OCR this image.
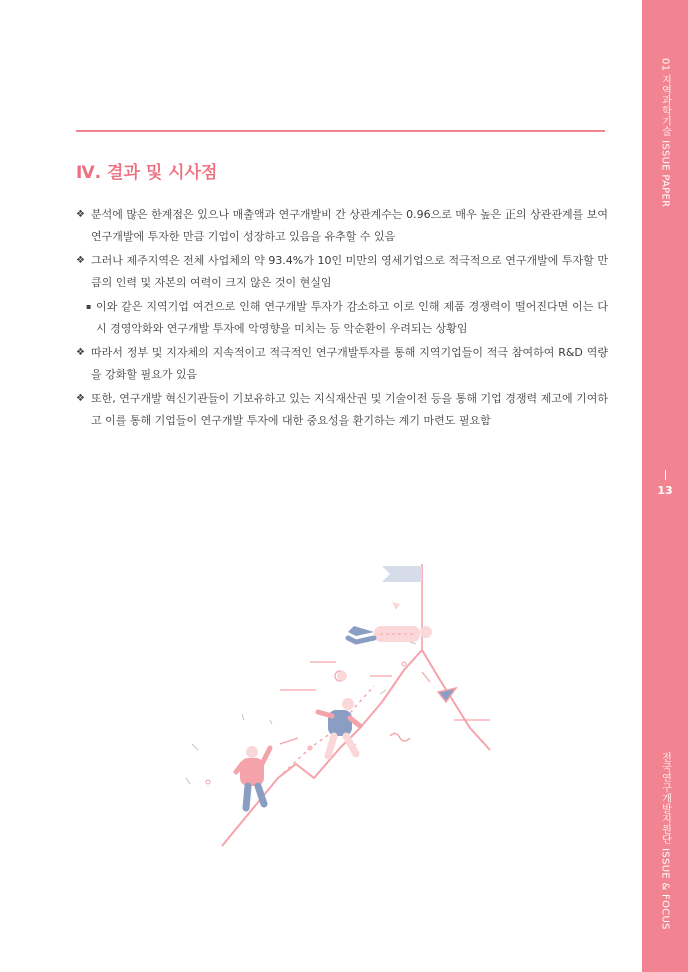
01 지역과학기술 ISSUE PAPER
13
전국연구개발지원단 ISSUE & FOCUS
Ⅳ. 결과 및 시사점
❖ 분석에 많은 한계점은 있으나 매출액과 연구개발비 간 상관계수는 0.96으로 매우 높은 正의 상관관계를 보여 연구개발에 투자한 만큼 기업이 성장하고 있음을 유추할 수 있음
❖ 그러나 제주지역은 전체 사업체의 약 93.4%가 10인 미만의 영세기업으로 적극적으로 연구개발에 투자할 만큼의 인력 및 자본의 여력이 크지 않은 것이 현실임
▪ 이와 같은 지역기업 여건으로 인해 연구개발 투자가 감소하고 이로 인해 제품 경쟁력이 떨어진다면 이는 다시 경영악화와 연구개발 투자에 악영향을 미치는 등 악순환이 우려되는 상황임
❖ 따라서 정부 및 지자체의 지속적이고 적극적인 연구개발투자를 통해 지역기업들이 적극 참여하여 R&D 역량을 강화할 필요가 있음
❖ 또한, 연구개발 혁신기관들이 기보유하고 있는 지식재산권 및 기술이전 등을 통해 기업 경쟁력 제고에 기여하고 이를 통해 기업들이 연구개발 투자에 대한 중요성을 환기하는 계기 마련도 필요함
